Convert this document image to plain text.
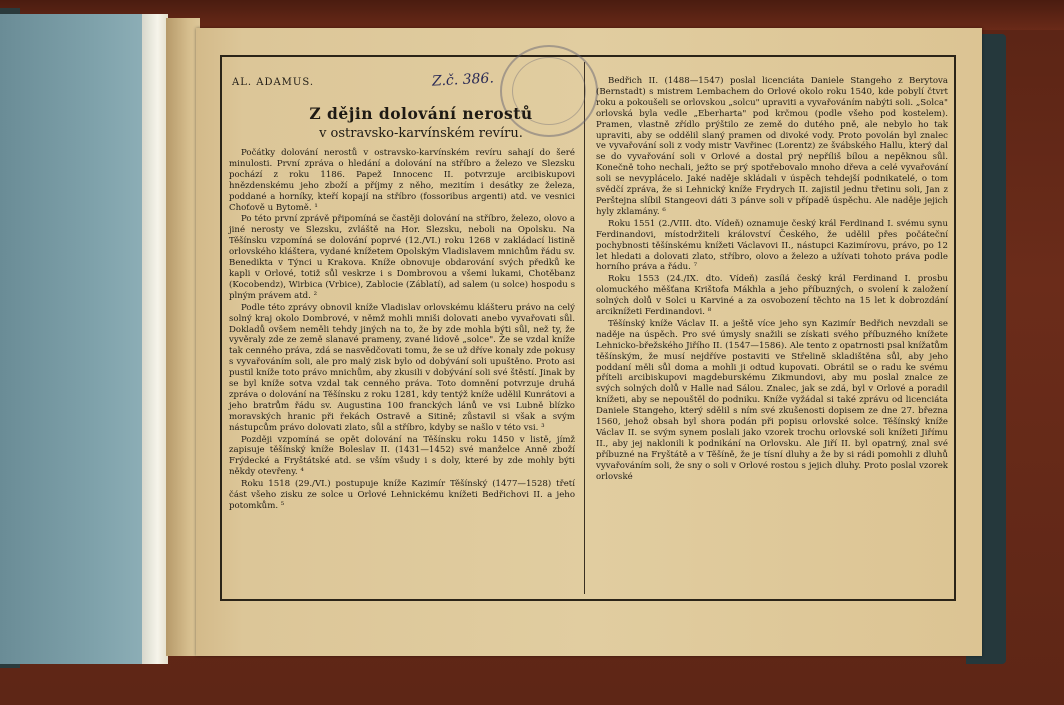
AL. ADAMUS.	Z.č. 386.
Z dějin dolování nerostů
v ostravsko-karvínském revíru.

Počátky dolování nerostů v ostravsko-karvínském revíru sahají do šeré minulosti. První zpráva o hledání a dolování na stříbro a železo ve Slezsku pochází z roku 1186. Papež Innocenc II. potvrzuje arcibiskupovi hnězdenskému jeho zboží a příjmy z něho, mezitím i desátky ze železa, poddané a horníky, kteří kopají na stříbro (fossoribus argenti) atd. ve vesnici Choťově u Bytomě. ¹

Po této první zprávě připomíná se častěji dolování na stříbro, železo, olovo a jiné nerosty ve Slezsku, zvláště na Hor. Slezsku, neboli na Opolsku. Na Těšínsku vzpomíná se dolování poprvé (12./VI.) roku 1268 v zakládací listině orlovského kláštera, vydané knížetem Opolským Vladislavem mnichům řádu sv. Benedikta v Týnci u Krakova. Kníže obnovuje obdarování svých předků ke kapli v Orlové, totiž sůl veskrze i s Dombrovou a všemi lukami, Chotěbanz (Kocobendz), Wirbica (Vrbice), Zablocie (Záblatí), ad salem (u solce) hospodu s plným právem atd. ²

Podle této zprávy obnovil kníže Vladislav orlovskému klášteru právo na celý solný kraj okolo Dombrové, v němž mohli mniši dolovati anebo vyvařovati sůl. Dokladů ovšem neměli tehdy jiných na to, že by zde mohla býti sůl, než ty, že vyvěraly zde ze země slanavé prameny, zvané lidově „solce". Že se vzdal kníže tak cenného práva, zdá se nasvědčovati tomu, že se už dříve konaly zde pokusy s vyvařováním soli, ale pro malý zisk bylo od dobývání soli upuštěno. Proto asi pustil kníže toto právo mnichům, aby zkusili v dobývání soli své štěstí. Jinak by se byl kníže sotva vzdal tak cenného práva. Toto domnění potvrzuje druhá zpráva o dolování na Těšínsku z roku 1281, kdy tentýž kníže udělil Kunrátovi a jeho bratrům řádu sv. Augustina 100 franckých lánů ve vsi Lubně blízko moravských hranic při řekách Ostravě a Sitině; zůstavil si však a svým nástupcům právo dolovati zlato, sůl a stříbro, kdyby se našlo v této vsi. ³

Později vzpomíná se opět dolování na Těšínsku roku 1450 v listě, jímž zapisuje těšínský kníže Boleslav II. (1431—1452) své manželce Anně zboží Frýdecké a Fryštátské atd. se vším všudy i s doly, které by zde mohly býti někdy otevřeny. ⁴

Roku 1518 (29./VI.) postupuje kníže Kazimír Těšínský (1477—1528) třetí část všeho zisku ze solce u Orlové Lehnickému knížeti Bedřichovi II. a jeho potomkům. ⁵

Bedřich II. (1488—1547) poslal licenciáta Daniele Stangeho z Berytova (Bernstadt) s mistrem Lembachem do Orlové okolo roku 1540, kde pobylí čtvrt roku a pokoušeli se orlovskou „solcu" upraviti a vyvařováním nabýti soli. „Solca" orlovská byla vedle „Eberharta" pod krčmou (podle všeho pod kostelem). Pramen, vlastně zřídlo prýštilo ze země do dutého pně, ale nebylo ho tak upraviti, aby se oddělil slaný pramen od divoké vody. Proto povolán byl znalec ve vyvařování soli z vody mistr Vavřinec (Lorentz) ze švábského Hallu, který dal se do vyvařování soli v Orlové a dostal prý nepříliš bílou a nepěknou sůl. Konečně toho nechali, ježto se prý spotřebovalo mnoho dřeva a celé vyvařování soli se nevyplácelo. Jaké naděje skládali v úspěch tehdejší podnikatelé, o tom svědčí zpráva, že si Lehnický kníže Frydrych II. zajistil jednu třetinu soli, Jan z Perštejna slíbil Stangeovi dáti 3 pánve soli v případě úspěchu. Ale naděje jejich hyly zklamány. ⁶

Roku 1551 (2./VIII. dto. Vídeň) oznamuje český král Ferdinand I. svému synu Ferdinandovi, místodržiteli království Českého, že udělil přes počáteční pochybnosti těšínskému knížeti Václavovi II., nástupci Kazimírovu, právo, po 12 let hledati a dolovati zlato, stříbro, olovo a železo a užívati tohoto práva podle horního práva a řádu. ⁷

Roku 1553 (24./IX. dto. Vídeň) zasílá český král Ferdinand I. prosbu olomuckého měšťana Krištofa Mákhla a jeho příbuzných, o svolení k založení solných dolů v Solci u Karviné a za osvobození těchto na 15 let k dobrozdání arciknížeti Ferdinandovi. ⁸

Těšínský kníže Václav II. a ještě více jeho syn Kazimír Bedřich nevzdali se naděje na úspěch. Pro své úmysly snažili se získati svého příbuzného knížete Lehnicko-břežského Jiřího II. (1547—1586). Ale tento z opatrnosti psal knížatům těšínským, že musí nejdříve postaviti ve Střelině skladištěna sůl, aby jeho poddaní měli sůl doma a mohli ji odtud kupovati. Obrátil se o radu ke svému příteli arcibiskupovi magdeburskému Zikmundovi, aby mu poslal znalce ze svých solných dolů v Halle nad Sálou. Znalec, jak se zdá, byl v Orlové a poradil knížeti, aby se nepouštěl do podniku. Kníže vyžádal si také zprávu od licenciáta Daniele Stangeho, který sdělil s ním své zkušenosti dopisem ze dne 27. března 1560, jehož obsah byl shora podán při popisu orlovské solce. Těšínský kníže Václav II. se svým synem poslali jako vzorek trochu orlovské soli knížeti Jiřímu II., aby jej naklonili k podnikání na Orlovsku. Ale Jiří II. byl opatrný, znal své příbuzné na Fryštátě a v Těšíně, že je tísní dluhy a že by si rádi pomohli z dluhů vyvařováním soli, že sny o soli v Orlové rostou s jejich dluhy. Proto poslal vzorek orlovské
